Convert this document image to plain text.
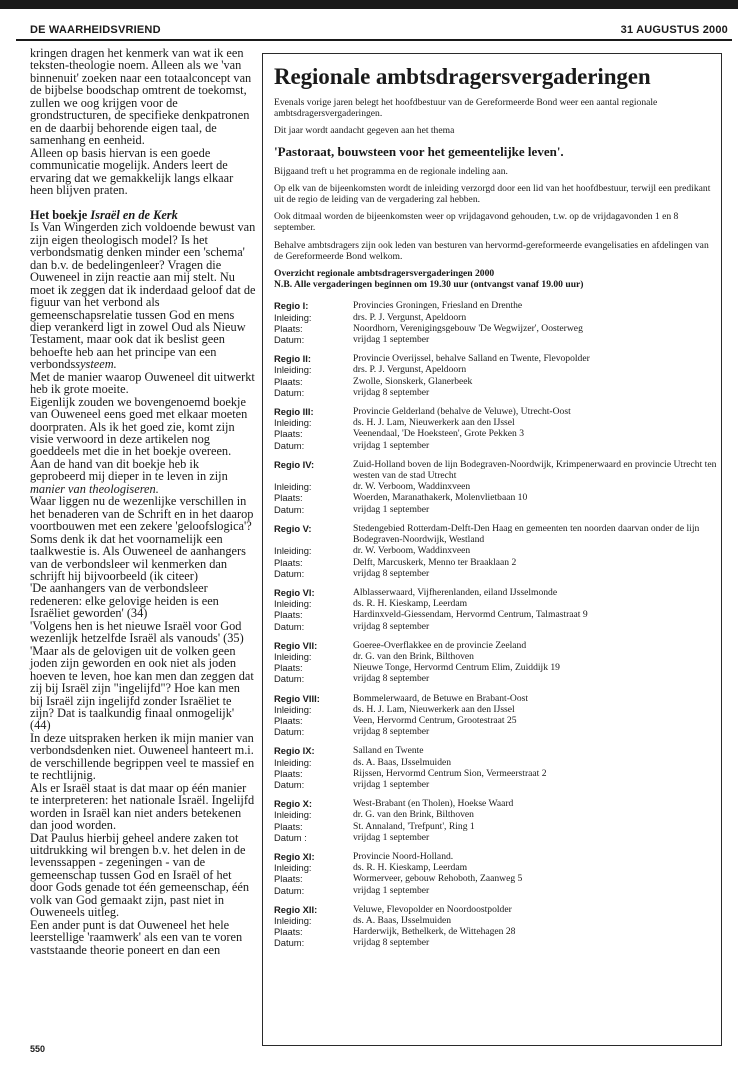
DE WAARHEIDSVRIEND	31 AUGUSTUS 2000

kringen dragen het kenmerk van wat ik een teksten-theologie noem. Alleen als we 'van binnenuit' zoeken naar een totaalconcept van de bijbelse boodschap omtrent de toekomst, zullen we oog krijgen voor de grondstructuren, de specifieke denkpatronen en de daarbij behorende eigen taal, de samenhang en eenheid.
Alleen op basis hiervan is een goede communicatie mogelijk. Anders leert de ervaring dat we gemakkelijk langs elkaar heen blijven praten.

Het boekje Israël en de Kerk

Is Van Wingerden zich voldoende bewust van zijn eigen theologisch model? Is het verbondsmatig denken minder een 'schema' dan b.v. de bedelingenleer? Vragen die Ouweneel in zijn reactie aan mij stelt. Nu moet ik zeggen dat ik inderdaad geloof dat de figuur van het verbond als gemeenschapsrelatie tussen God en mens diep verankerd ligt in zowel Oud als Nieuw Testament, maar ook dat ik beslist geen behoefte heb aan het principe van een verbondssysteem.

Met de manier waarop Ouweneel dit uitwerkt heb ik grote moeite.

Eigenlijk zouden we bovengenoemd boekje van Ouweneel eens goed met elkaar moeten doorpraten. Als ik het goed zie, komt zijn visie verwoord in deze artikelen nog goeddeels met die in het boekje overeen.

Aan de hand van dit boekje heb ik geprobeerd mij dieper in te leven in zijn manier van theologiseren.

Waar liggen nu de wezenlijke verschillen in het benaderen van de Schrift en in het daarop voortbouwen met een zekere 'geloofslogica'? Soms denk ik dat het voornamelijk een taalkwestie is. Als Ouweneel de aanhangers van de verbondsleer wil kenmerken dan schrijft hij bijvoorbeeld (ik citeer)

'De aanhangers van de verbondsleer redeneren: elke gelovige heiden is een Israëliet geworden' (34)

'Volgens hen is het nieuwe Israël voor God wezenlijk hetzelfde Israël als vanouds' (35)

'Maar als de gelovigen uit de volken geen joden zijn geworden en ook niet als joden hoeven te leven, hoe kan men dan zeggen dat zij bij Israël zijn "ingelijfd"? Hoe kan men bij Israël zijn ingelijfd zonder Israëliet te zijn? Dat is taalkundig finaal onmogelijk' (44)

In deze uitspraken herken ik mijn manier van verbondsdenken niet. Ouweneel hanteert m.i. de verschillende begrippen veel te massief en te rechtlijnig.

Als er Israël staat is dat maar op één manier te interpreteren: het nationale Israël. Ingelijfd worden in Israël kan niet anders betekenen dan jood worden.

Dat Paulus hierbij geheel andere zaken tot uitdrukking wil brengen b.v. het delen in de levenssappen - zegeningen - van de gemeenschap tussen God en Israël of het door Gods genade tot één gemeenschap, één volk van God gemaakt zijn, past niet in Ouweneels uitleg.

Een ander punt is dat Ouweneel het hele leerstellige 'raamwerk' als een van te voren vaststaande theorie poneert en dan een

Regionale ambtsdragersvergaderingen

Evenals vorige jaren belegt het hoofdbestuur van de Gereformeerde Bond weer een aantal regionale ambtsdragersvergaderingen.

Dit jaar wordt aandacht gegeven aan het thema

'Pastoraat, bouwsteen voor het gemeentelijke leven'.

Bijgaand treft u het programma en de regionale indeling aan.

Op elk van de bijeenkomsten wordt de inleiding verzorgd door een lid van het hoofdbestuur, terwijl een predikant uit de regio de leiding van de vergadering zal hebben.

Ook ditmaal worden de bijeenkomsten weer op vrijdagavond gehouden, t.w. op de vrijdagavonden 1 en 8 september.

Behalve ambtsdragers zijn ook leden van besturen van hervormd-gereformeerde evangelisaties en afdelingen van de Gereformeerde Bond welkom.

Overzicht regionale ambtsdragersvergaderingen 2000
N.B. Alle vergaderingen beginnen om 19.30 uur (ontvangst vanaf 19.00 uur)
Regio I:	Provincies Groningen, Friesland en Drenthe
Inleiding:	drs. P. J. Vergunst, Apeldoorn
Plaats:	Noordhorn, Verenigingsgebouw 'De Wegwijzer', Oosterweg
Datum:	vrijdag 1 september
Regio II:	Provincie Overijssel, behalve Salland en Twente, Flevopolder
Inleiding:	drs. P. J. Vergunst, Apeldoorn
Plaats:	Zwolle, Sionskerk, Glanerbeek
Datum:	vrijdag 8 september
Regio III:	Provincie Gelderland (behalve de Veluwe), Utrecht-Oost
Inleiding:	ds. H. J. Lam, Nieuwerkerk aan den IJssel
Plaats:	Veenendaal, 'De Hoeksteen', Grote Pekken 3
Datum:	vrijdag 1 september
Regio IV:	Zuid-Holland boven de lijn Bodegraven-Noordwijk, Krimpenerwaard en provincie Utrecht ten westen van de stad Utrecht
Inleiding:	dr. W. Verboom, Waddinxveen
Plaats:	Woerden, Maranathakerk, Molenvlietbaan 10
Datum:	vrijdag 1 september
Regio V:	Stedengebied Rotterdam-Delft-Den Haag en gemeenten ten noorden daarvan onder de lijn Bodegraven-Noordwijk, Westland
Inleiding:	dr. W. Verboom, Waddinxveen
Plaats:	Delft, Marcuskerk, Menno ter Braaklaan 2
Datum:	vrijdag 8 september
Regio VI:	Alblasserwaard, Vijfherenlanden, eiland IJsselmonde
Inleiding:	ds. R. H. Kieskamp, Leerdam
Plaats:	Hardinxveld-Giessendam, Hervormd Centrum, Talmastraat 9
Datum:	vrijdag 8 september
Regio VII:	Goeree-Overflakkee en de provincie Zeeland
Inleiding:	dr. G. van den Brink, Bilthoven
Plaats:	Nieuwe Tonge, Hervormd Centrum Elim, Zuiddijk 19
Datum:	vrijdag 8 september
Regio VIII:	Bommelerwaard, de Betuwe en Brabant-Oost
Inleiding:	ds. H. J. Lam, Nieuwerkerk aan den IJssel
Plaats:	Veen, Hervormd Centrum, Grootestraat 25
Datum:	vrijdag 8 september
Regio IX:	Salland en Twente
Inleiding:	ds. A. Baas, IJsselmuiden
Plaats:	Rijssen, Hervormd Centrum Sion, Vermeerstraat 2
Datum:	vrijdag 1 september
Regio X:	West-Brabant (en Tholen), Hoekse Waard
Inleiding:	dr. G. van den Brink, Bilthoven
Plaats:	St. Annaland, 'Trefpunt', Ring 1
Datum :	vrijdag 1 september
Regio XI:	Provincie Noord-Holland.
Inleiding:	ds. R. H. Kieskamp, Leerdam
Plaats:	Wormerveer, gebouw Rehoboth, Zaanweg 5
Datum:	vrijdag 1 september
Regio XII:	Veluwe, Flevopolder en Noordoostpolder
Inleiding:	ds. A. Baas, IJsselmuiden
Plaats:	Harderwijk, Bethelkerk, de Wittehagen 28
Datum:	vrijdag 8 september
550
